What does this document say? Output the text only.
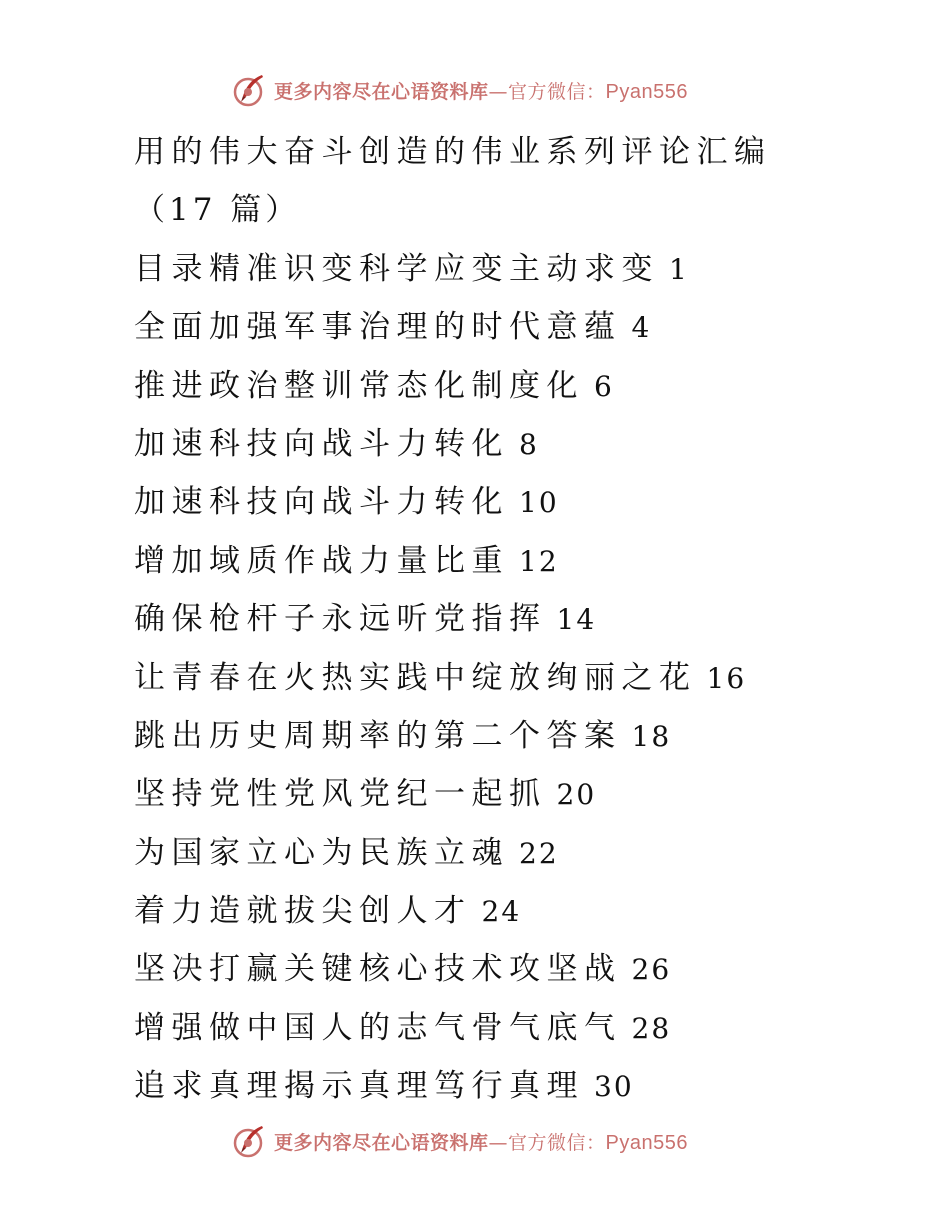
更多内容尽在心语资料库—官方微信：Pyan556
用的伟大奋斗创造的伟业系列评论汇编
（17 篇）
目录精准识变科学应变主动求变 1
全面加强军事治理的时代意蕴 4
推进政治整训常态化制度化 6
加速科技向战斗力转化 8
加速科技向战斗力转化 10
增加域质作战力量比重 12
确保枪杆子永远听党指挥 14
让青春在火热实践中绽放绚丽之花 16
跳出历史周期率的第二个答案 18
坚持党性党风党纪一起抓 20
为国家立心为民族立魂 22
着力造就拔尖创人才 24
坚决打赢关键核心技术攻坚战 26
增强做中国人的志气骨气底气 28
追求真理揭示真理笃行真理 30
更多内容尽在心语资料库—官方微信：Pyan556
